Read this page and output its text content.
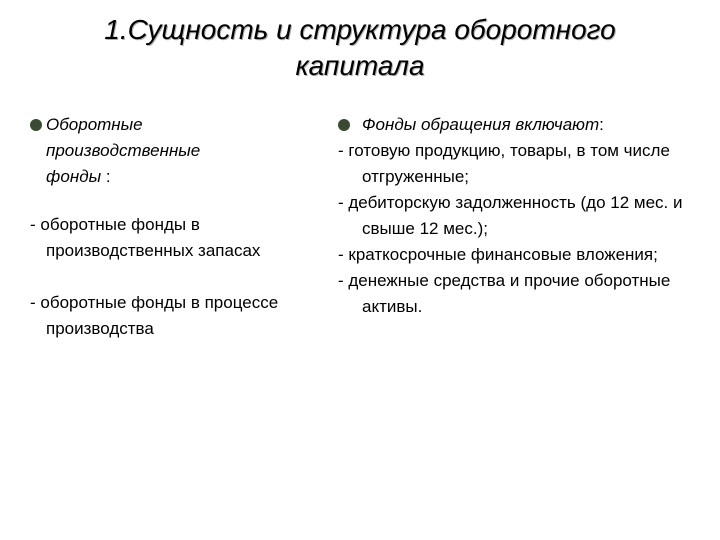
1.Сущность и структура оборотного
капитала
Оборотные
производственные
фонды :
- оборотные фонды в производственных запасах
- оборотные фонды в процессе производства
Фонды обращения включают:
- готовую продукцию, товары, в том числе отгруженные;
- дебиторскую задолженность (до 12 мес. и свыше 12 мес.);
- краткосрочные финансовые вложения;
- денежные средства и прочие оборотные активы.
